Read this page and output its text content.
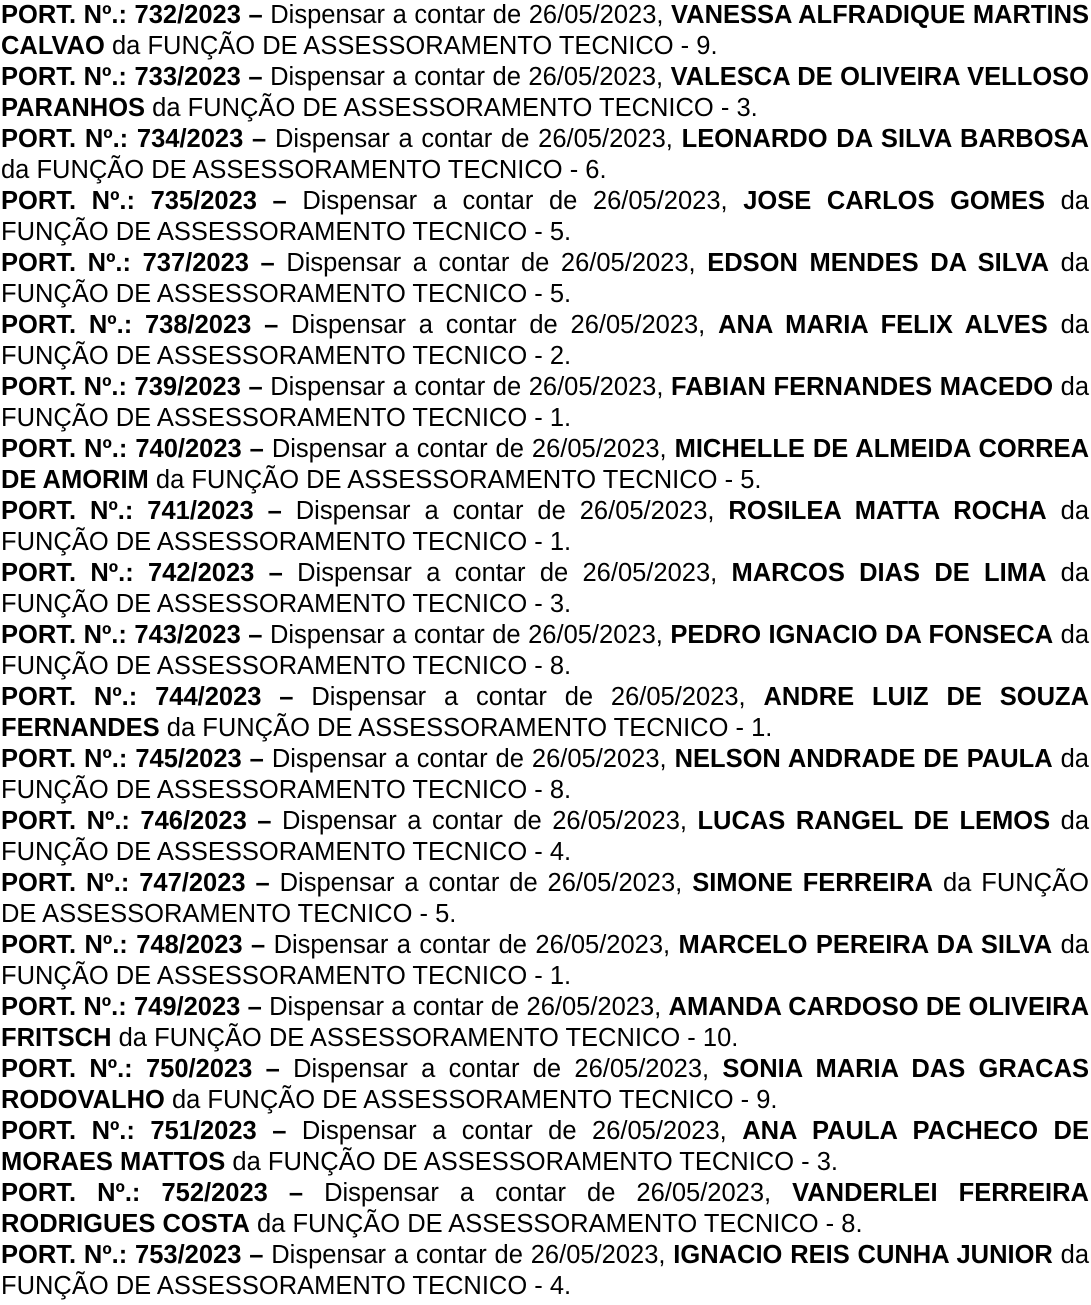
PORT. Nº.: 732/2023 – Dispensar a contar de 26/05/2023, VANESSA ALFRADIQUE MARTINS CALVAO da FUNÇÃO DE ASSESSORAMENTO TECNICO - 9.

PORT. Nº.: 733/2023 – Dispensar a contar de 26/05/2023, VALESCA DE OLIVEIRA VELLOSO PARANHOS da FUNÇÃO DE ASSESSORAMENTO TECNICO - 3.

PORT. Nº.: 734/2023 – Dispensar a contar de 26/05/2023, LEONARDO DA SILVA BARBOSA da FUNÇÃO DE ASSESSORAMENTO TECNICO - 6.

PORT. Nº.: 735/2023 – Dispensar a contar de 26/05/2023, JOSE CARLOS GOMES da FUNÇÃO DE ASSESSORAMENTO TECNICO - 5.

PORT. Nº.: 737/2023 – Dispensar a contar de 26/05/2023, EDSON MENDES DA SILVA da FUNÇÃO DE ASSESSORAMENTO TECNICO - 5.

PORT. Nº.: 738/2023 – Dispensar a contar de 26/05/2023, ANA MARIA FELIX ALVES da FUNÇÃO DE ASSESSORAMENTO TECNICO - 2.

PORT. Nº.: 739/2023 – Dispensar a contar de 26/05/2023, FABIAN FERNANDES MACEDO da FUNÇÃO DE ASSESSORAMENTO TECNICO - 1.

PORT. Nº.: 740/2023 – Dispensar a contar de 26/05/2023, MICHELLE DE ALMEIDA CORREA DE AMORIM da FUNÇÃO DE ASSESSORAMENTO TECNICO - 5.

PORT. Nº.: 741/2023 – Dispensar a contar de 26/05/2023, ROSILEA MATTA ROCHA da FUNÇÃO DE ASSESSORAMENTO TECNICO - 1.

PORT. Nº.: 742/2023 – Dispensar a contar de 26/05/2023, MARCOS DIAS DE LIMA da FUNÇÃO DE ASSESSORAMENTO TECNICO - 3.

PORT. Nº.: 743/2023 – Dispensar a contar de 26/05/2023, PEDRO IGNACIO DA FONSECA da FUNÇÃO DE ASSESSORAMENTO TECNICO - 8.

PORT. Nº.: 744/2023 – Dispensar a contar de 26/05/2023, ANDRE LUIZ DE SOUZA FERNANDES da FUNÇÃO DE ASSESSORAMENTO TECNICO - 1.

PORT. Nº.: 745/2023 – Dispensar a contar de 26/05/2023, NELSON ANDRADE DE PAULA da FUNÇÃO DE ASSESSORAMENTO TECNICO - 8.

PORT. Nº.: 746/2023 – Dispensar a contar de 26/05/2023, LUCAS RANGEL DE LEMOS da FUNÇÃO DE ASSESSORAMENTO TECNICO - 4.

PORT. Nº.: 747/2023 – Dispensar a contar de 26/05/2023, SIMONE FERREIRA da FUNÇÃO DE ASSESSORAMENTO TECNICO - 5.

PORT. Nº.: 748/2023 – Dispensar a contar de 26/05/2023, MARCELO PEREIRA DA SILVA da FUNÇÃO DE ASSESSORAMENTO TECNICO - 1.

PORT. Nº.: 749/2023 – Dispensar a contar de 26/05/2023, AMANDA CARDOSO DE OLIVEIRA FRITSCH da FUNÇÃO DE ASSESSORAMENTO TECNICO - 10.

PORT. Nº.: 750/2023 – Dispensar a contar de 26/05/2023, SONIA MARIA DAS GRACAS RODOVALHO da FUNÇÃO DE ASSESSORAMENTO TECNICO - 9.

PORT. Nº.: 751/2023 – Dispensar a contar de 26/05/2023, ANA PAULA PACHECO DE MORAES MATTOS da FUNÇÃO DE ASSESSORAMENTO TECNICO - 3.

PORT. Nº.: 752/2023 – Dispensar a contar de 26/05/2023, VANDERLEI FERREIRA RODRIGUES COSTA da FUNÇÃO DE ASSESSORAMENTO TECNICO - 8.

PORT. Nº.: 753/2023 – Dispensar a contar de 26/05/2023, IGNACIO REIS CUNHA JUNIOR da FUNÇÃO DE ASSESSORAMENTO TECNICO - 4.
